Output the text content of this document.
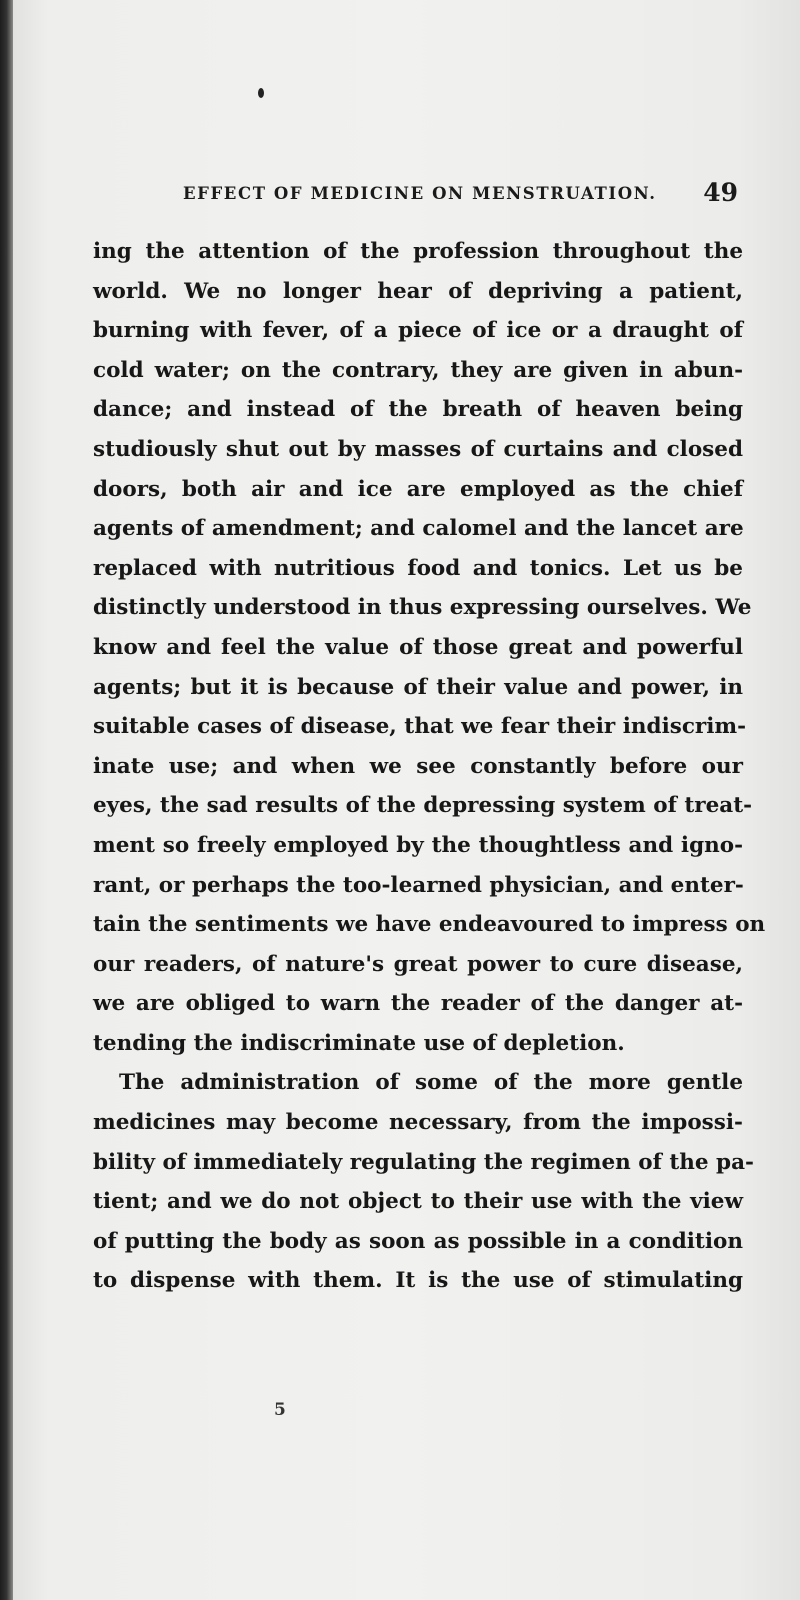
EFFECT OF MEDICINE ON MENSTRUATION. 49
ing the attention of the profession throughout the
world. We no longer hear of depriving a patient,
burning with fever, of a piece of ice or a draught of
cold water; on the contrary, they are given in abun-
dance; and instead of the breath of heaven being
studiously shut out by masses of curtains and closed
doors, both air and ice are employed as the chief
agents of amendment; and calomel and the lancet are
replaced with nutritious food and tonics. Let us be
distinctly understood in thus expressing ourselves. We
know and feel the value of those great and powerful
agents; but it is because of their value and power, in
suitable cases of disease, that we fear their indiscrim-
inate use; and when we see constantly before our
eyes, the sad results of the depressing system of treat-
ment so freely employed by the thoughtless and igno-
rant, or perhaps the too-learned physician, and enter-
tain the sentiments we have endeavoured to impress on
our readers, of nature's great power to cure disease,
we are obliged to warn the reader of the danger at-
tending the indiscriminate use of depletion.
The administration of some of the more gentle
medicines may become necessary, from the impossi-
bility of immediately regulating the regimen of the pa-
tient; and we do not object to their use with the view
of putting the body as soon as possible in a condition
to dispense with them. It is the use of stimulating
5
